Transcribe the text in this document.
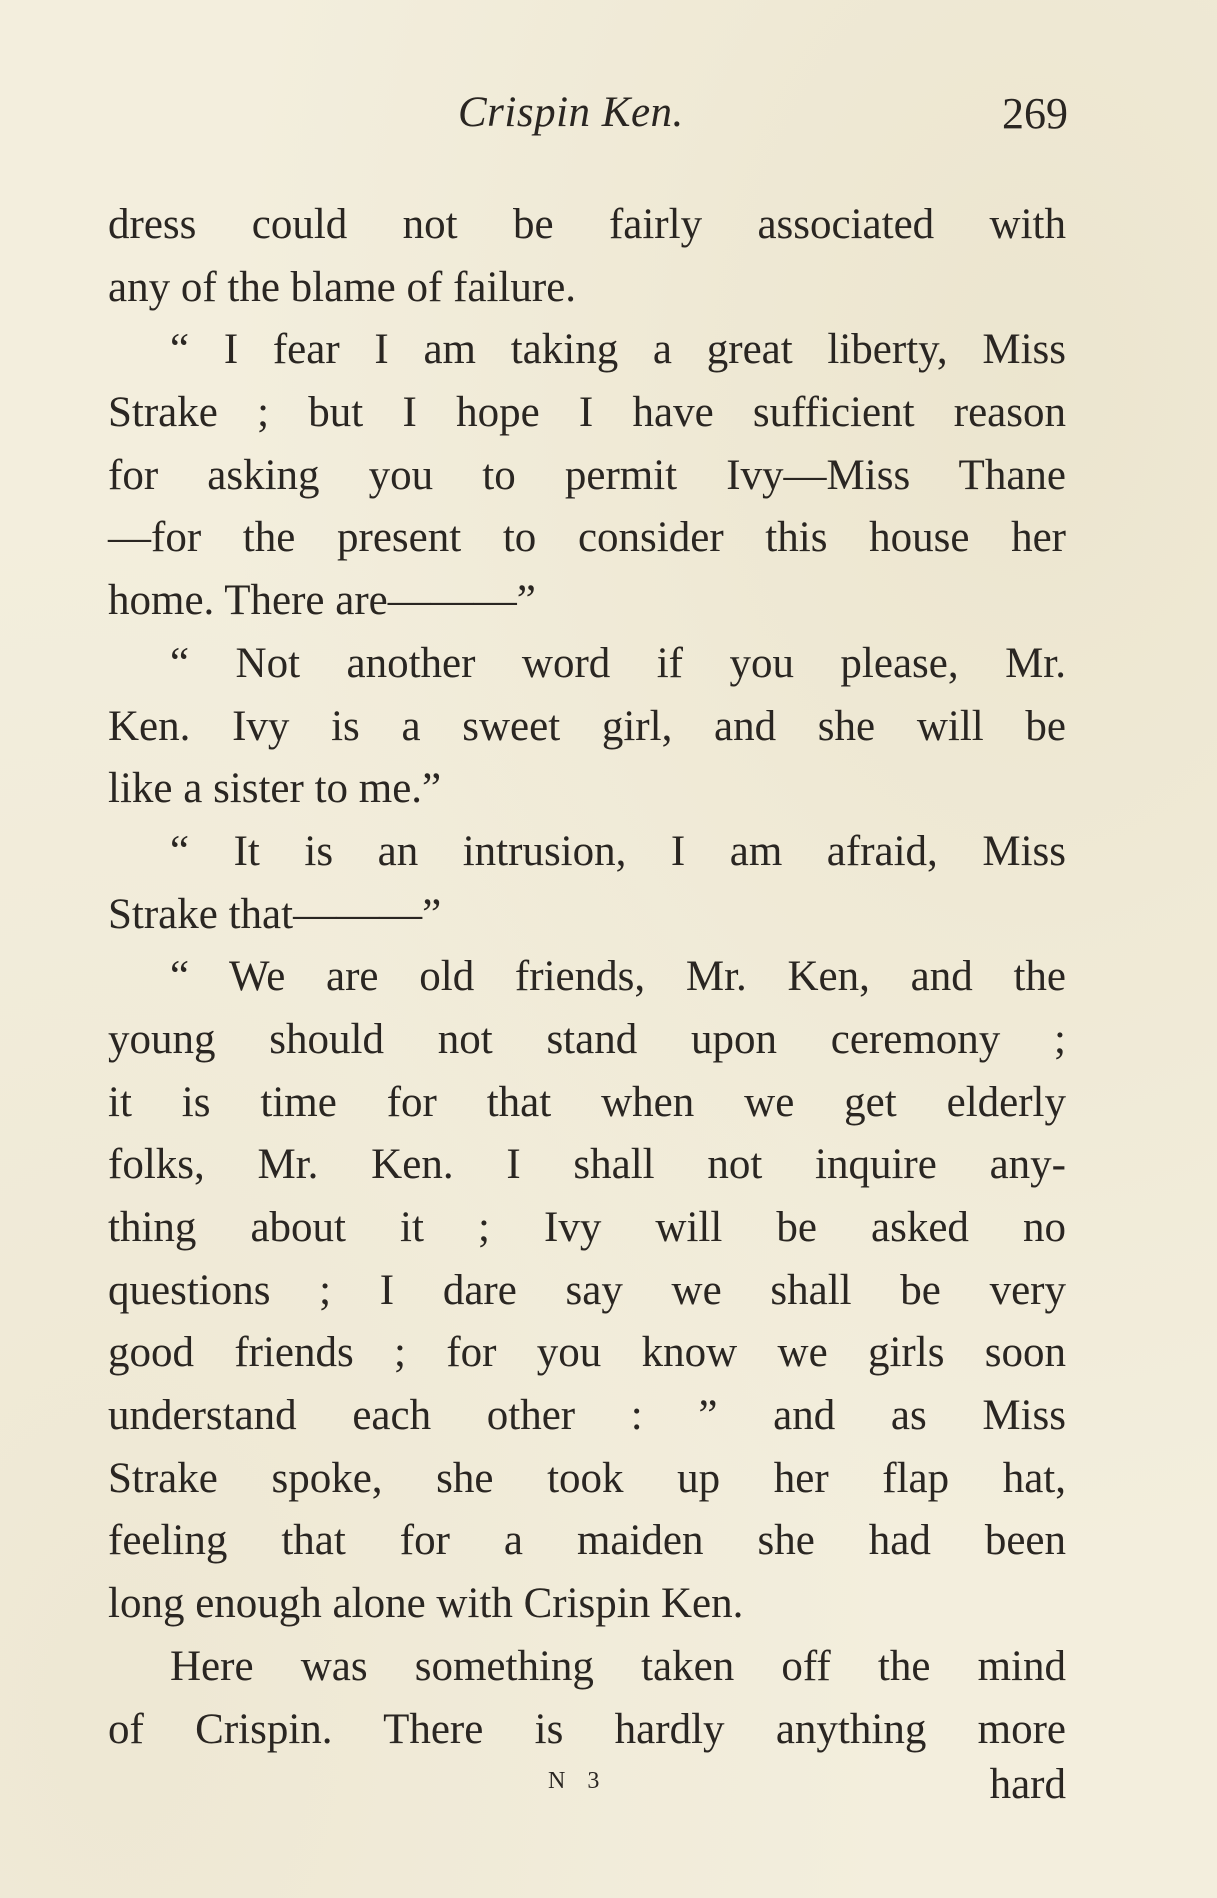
Crispin Ken.	269
dress could not be fairly associated with
any of the blame of failure.
“ I fear I am taking a great liberty, Miss
Strake ; but I hope I have sufficient reason
for asking you to permit Ivy—Miss Thane
—for the present to consider this house her
home. There are———”
“ Not another word if you please, Mr.
Ken. Ivy is a sweet girl, and she will be
like a sister to me.”
“ It is an intrusion, I am afraid, Miss
Strake that———”
“ We are old friends, Mr. Ken, and the
young should not stand upon ceremony ;
it is time for that when we get elderly
folks, Mr. Ken. I shall not inquire any-
thing about it ; Ivy will be asked no
questions ; I dare say we shall be very
good friends ; for you know we girls soon
understand each other : ” and as Miss
Strake spoke, she took up her flap hat,
feeling that for a maiden she had been
long enough alone with Crispin Ken.
Here was something taken off the mind
of Crispin. There is hardly anything more
N 3	hard
